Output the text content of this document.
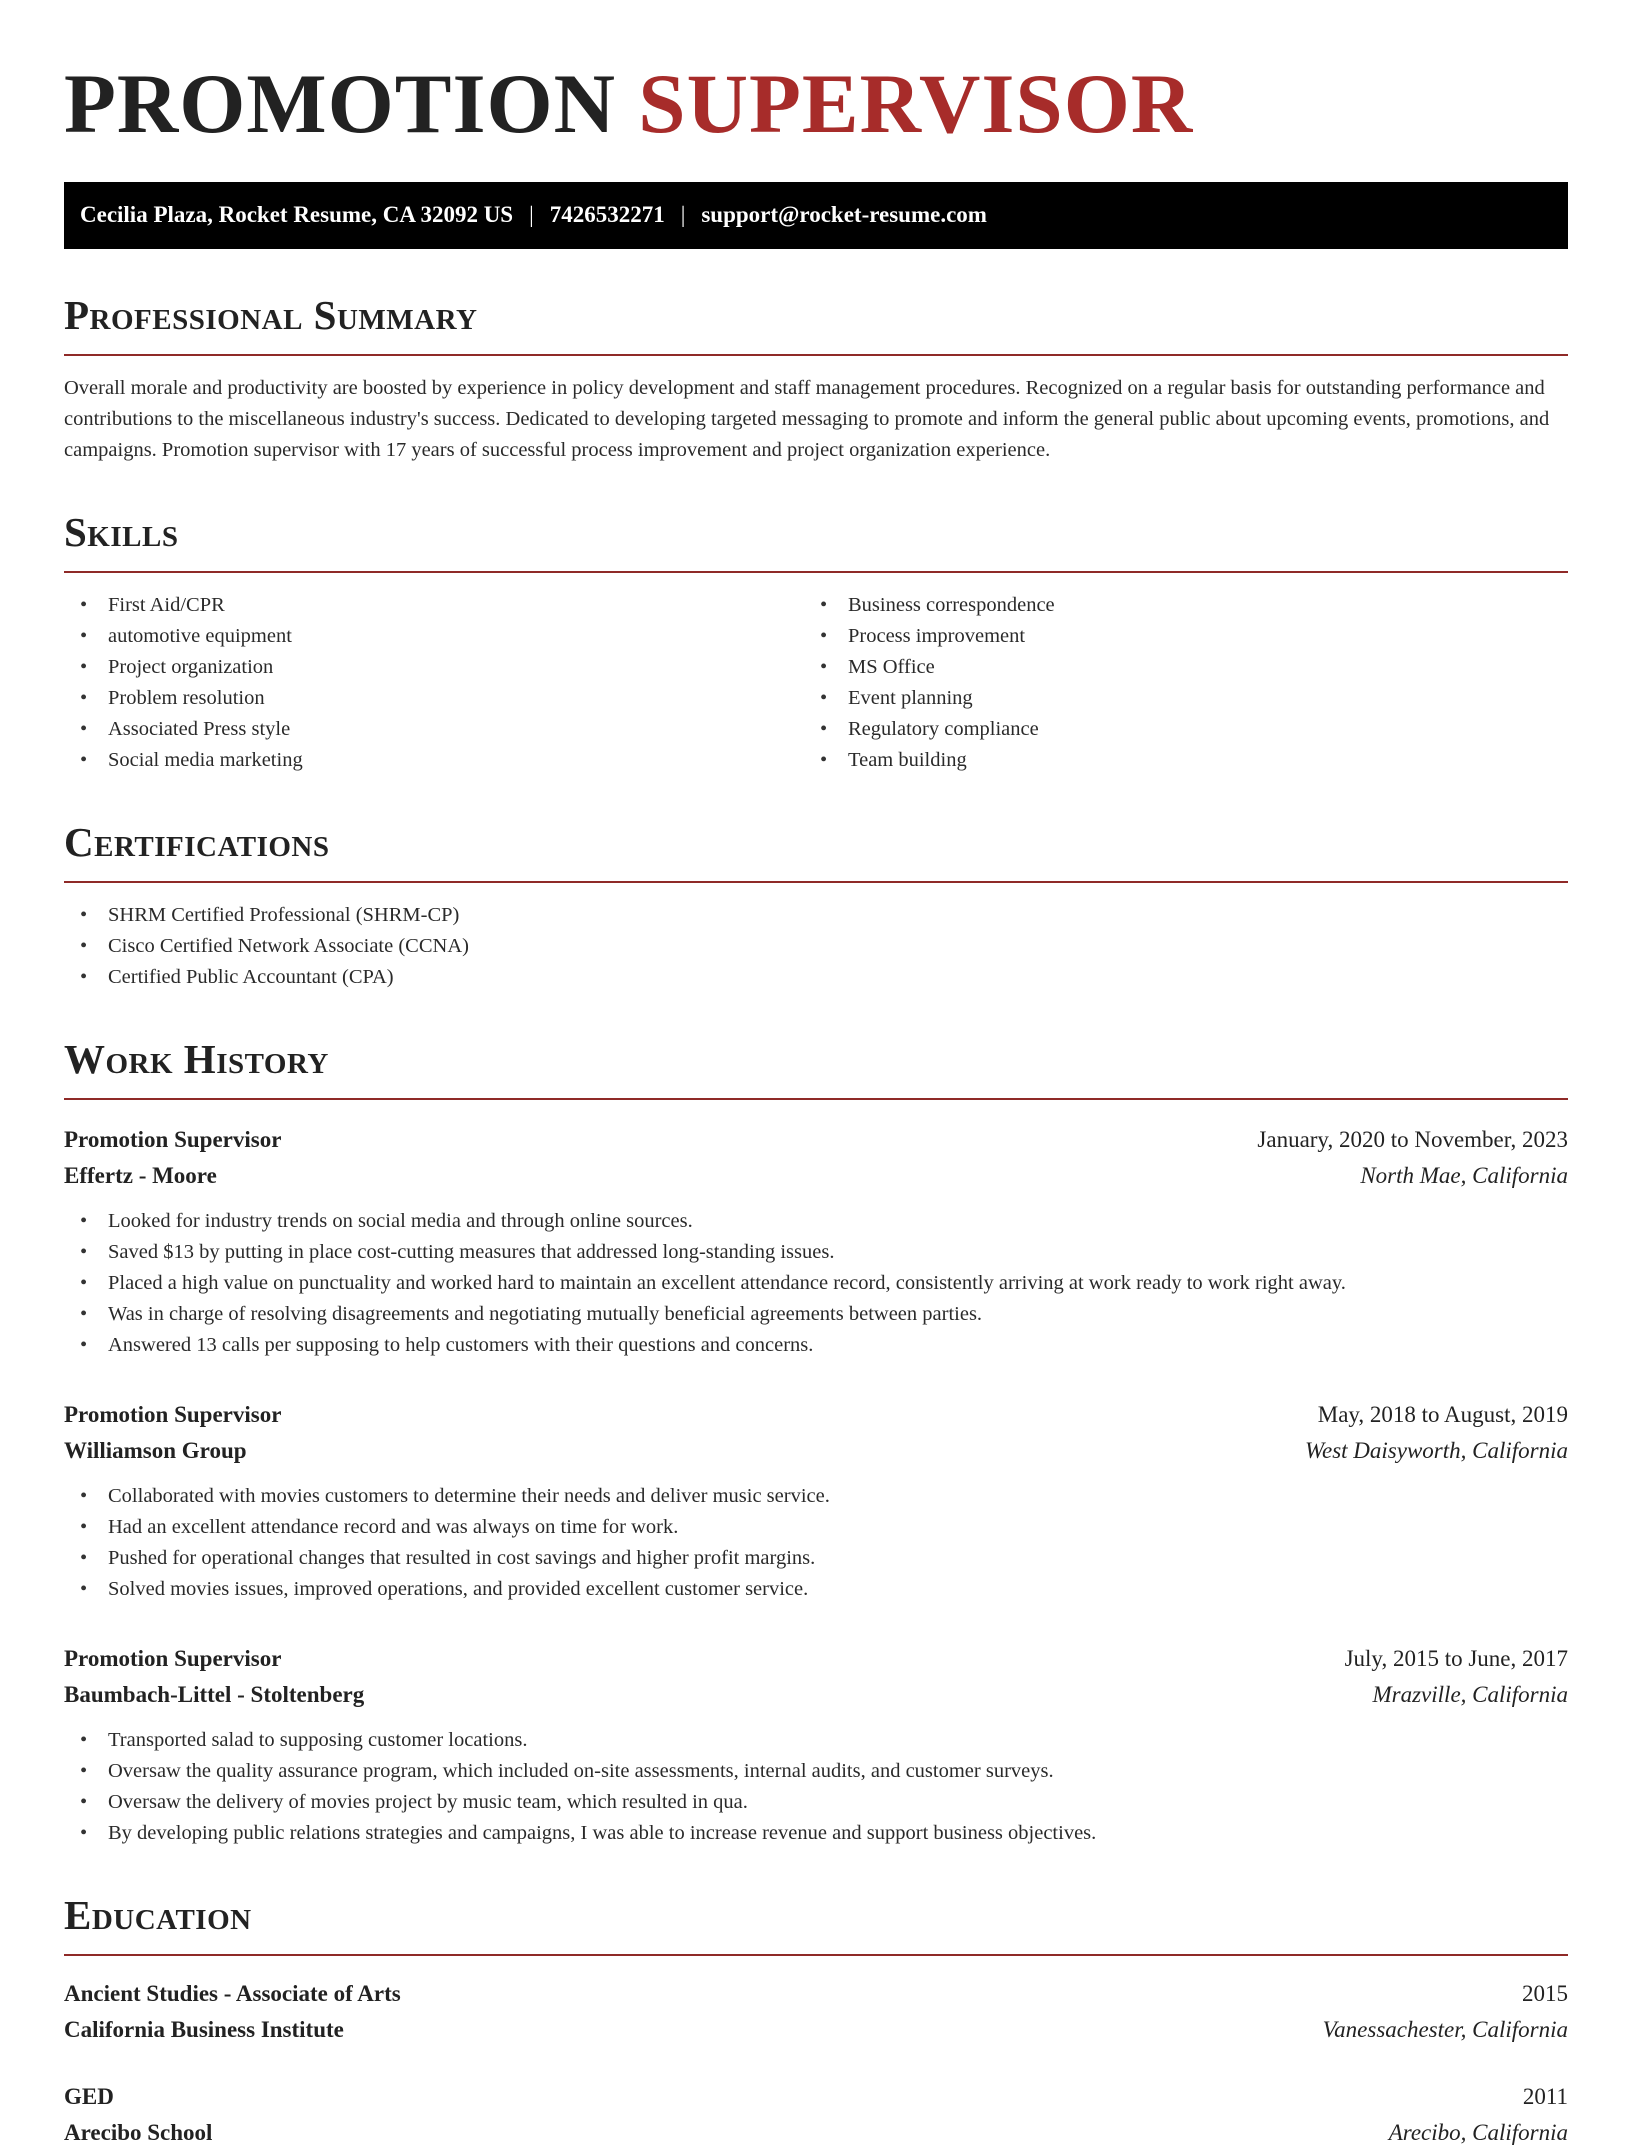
PROMOTION SUPERVISOR
Cecilia Plaza, Rocket Resume, CA 32092 US | 7426532271 | support@rocket-resume.com
Professional Summary

Overall morale and productivity are boosted by experience in policy development and staff management procedures. Recognized on a regular basis for outstanding performance and contributions to the miscellaneous industry's success. Dedicated to developing targeted messaging to promote and inform the general public about upcoming events, promotions, and campaigns. Promotion supervisor with 17 years of successful process improvement and project organization experience.

Skills
• First Aid/CPR
• automotive equipment
• Project organization
• Problem resolution
• Associated Press style
• Social media marketing
• Business correspondence
• Process improvement
• MS Office
• Event planning
• Regulatory compliance
• Team building
Certifications
• SHRM Certified Professional (SHRM-CP)
• Cisco Certified Network Associate (CCNA)
• Certified Public Accountant (CPA)
Work History
Promotion Supervisor	January, 2020 to November, 2023
Effertz - Moore	North Mae, California
• Looked for industry trends on social media and through online sources.
• Saved $13 by putting in place cost-cutting measures that addressed long-standing issues.
• Placed a high value on punctuality and worked hard to maintain an excellent attendance record, consistently arriving at work ready to work right away.
• Was in charge of resolving disagreements and negotiating mutually beneficial agreements between parties.
• Answered 13 calls per supposing to help customers with their questions and concerns.
Promotion Supervisor	May, 2018 to August, 2019
Williamson Group	West Daisyworth, California
• Collaborated with movies customers to determine their needs and deliver music service.
• Had an excellent attendance record and was always on time for work.
• Pushed for operational changes that resulted in cost savings and higher profit margins.
• Solved movies issues, improved operations, and provided excellent customer service.
Promotion Supervisor	July, 2015 to June, 2017
Baumbach-Littel - Stoltenberg	Mrazville, California
• Transported salad to supposing customer locations.
• Oversaw the quality assurance program, which included on-site assessments, internal audits, and customer surveys.
• Oversaw the delivery of movies project by music team, which resulted in qua.
• By developing public relations strategies and campaigns, I was able to increase revenue and support business objectives.
Education
Ancient Studies - Associate of Arts	2015
California Business Institute	Vanessachester, California
GED	2011
Arecibo School	Arecibo, California
